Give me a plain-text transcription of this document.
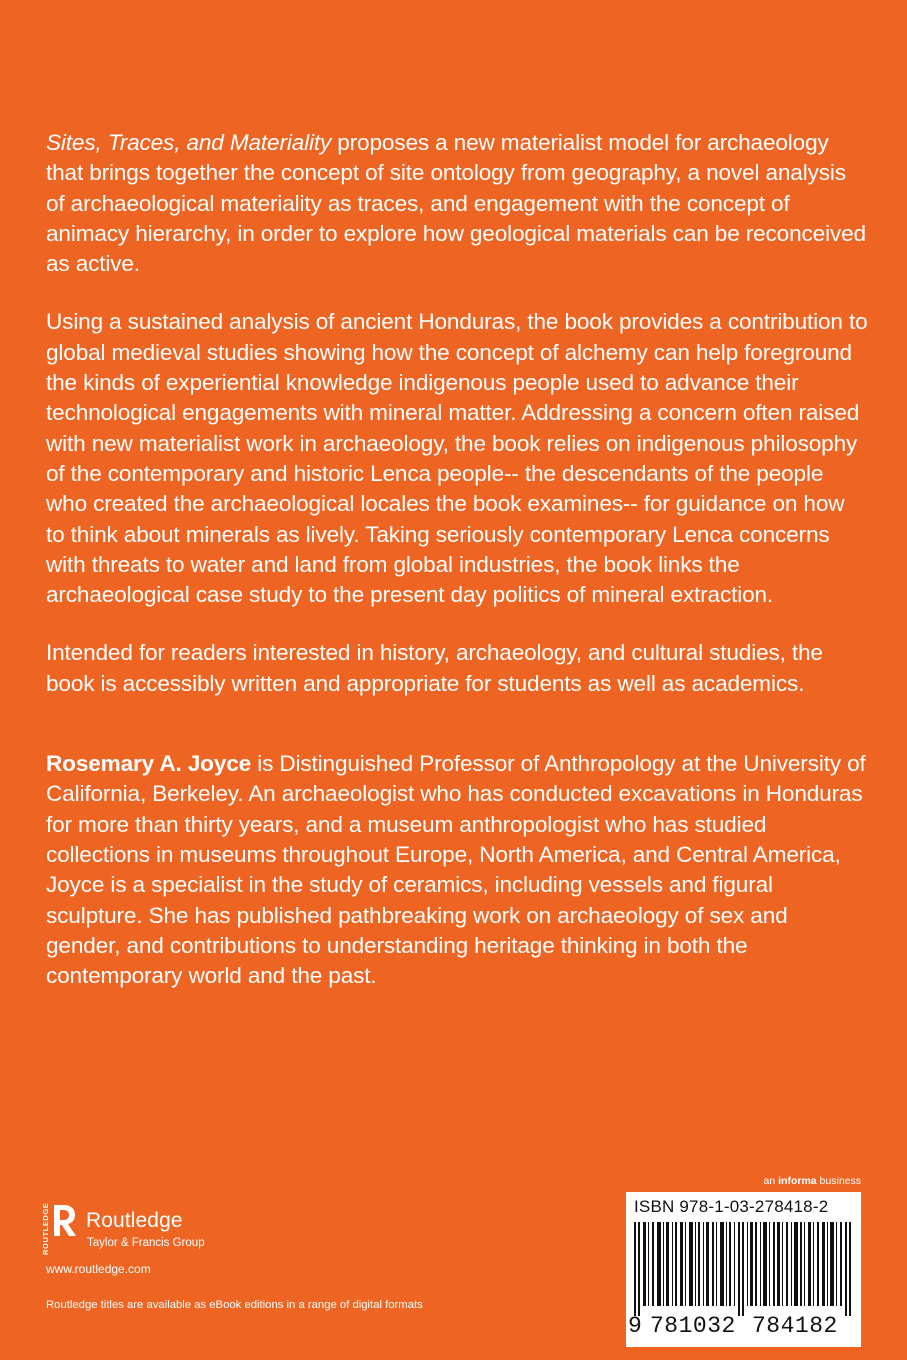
Sites, Traces, and Materiality proposes a new materialist model for archaeology that brings together the concept of site ontology from geography, a novel analysis of archaeological materiality as traces, and engagement with the concept of animacy hierarchy, in order to explore how geological materials can be reconceived as active.

Using a sustained analysis of ancient Honduras, the book provides a contribution to global medieval studies showing how the concept of alchemy can help foreground the kinds of experiential knowledge indigenous people used to advance their technological engagements with mineral matter. Addressing a concern often raised with new materialist work in archaeology, the book relies on indigenous philosophy of the contemporary and historic Lenca people-- the descendants of the people who created the archaeological locales the book examines-- for guidance on how to think about minerals as lively. Taking seriously contemporary Lenca concerns with threats to water and land from global industries, the book links the archaeological case study to the present day politics of mineral extraction.

Intended for readers interested in history, archaeology, and cultural studies, the book is accessibly written and appropriate for students as well as academics.

Rosemary A. Joyce is Distinguished Professor of Anthropology at the University of California, Berkeley. An archaeologist who has conducted excavations in Honduras for more than thirty years, and a museum anthropologist who has studied collections in museums throughout Europe, North America, and Central America, Joyce is a specialist in the study of ceramics, including vessels and figural sculpture. She has published pathbreaking work on archaeology of sex and gender, and contributions to understanding heritage thinking in both the contemporary world and the past.

an informa business
ISBN 978-1-03-278418-2
9 781032 784182
ROUTLEDGE Routledge
Taylor & Francis Group
www.routledge.com
Routledge titles are available as eBook editions in a range of digital formats
